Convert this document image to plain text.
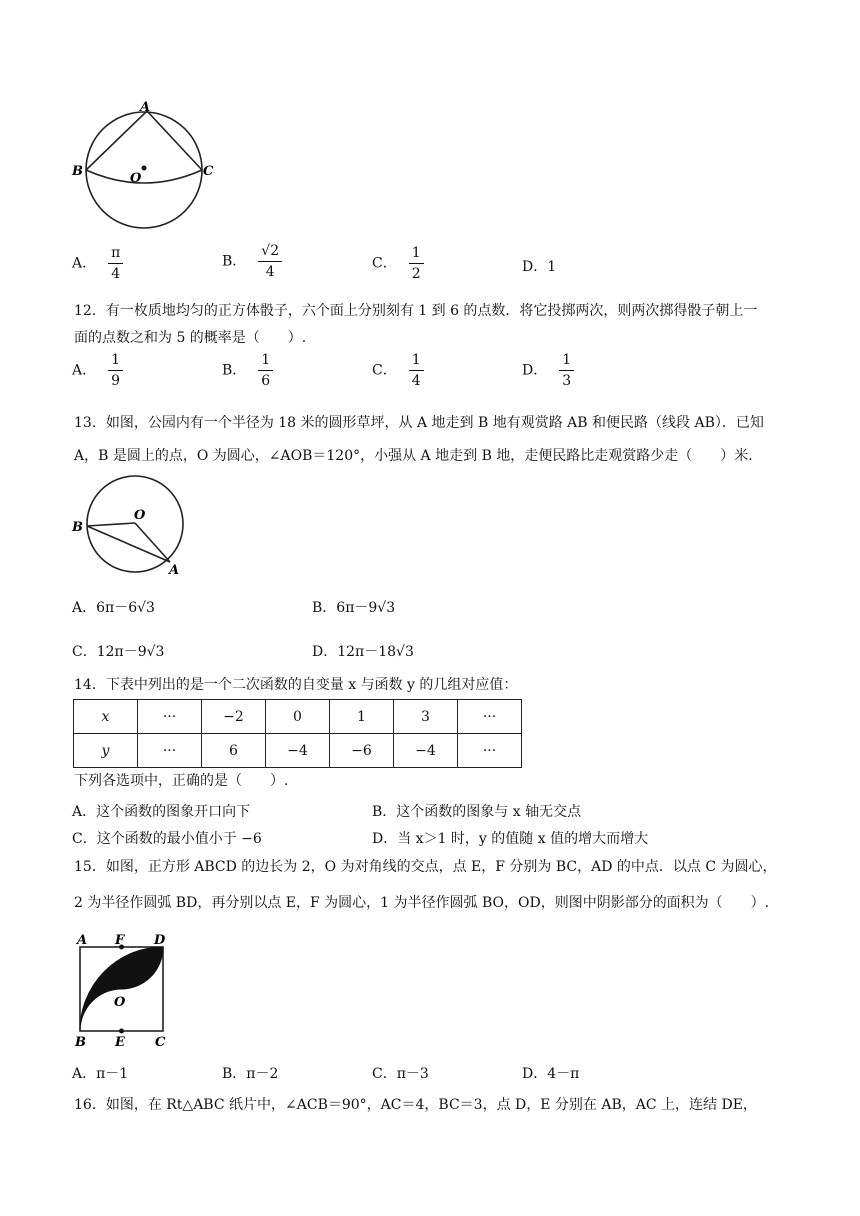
A
B	C
O
A． $\frac{\pi}{4}$	B． $\frac{√2}{4}$	C． $\frac{1}{2}$	D．1
12．有一枚质地均匀的正方体骰子，六个面上分别刻有 1 到 6 的点数．将它投掷两次，则两次掷得骰子朝上一
面的点数之和为 5 的概率是（　　）.
A． $\frac{1}{9}$	B． $\frac{1}{6}$	C． $\frac{1}{4}$	D． $\frac{1}{3}$
13．如图，公园内有一个半径为 18 米的圆形草坪，从 A 地走到 B 地有观赏路 AB 和便民路（线段 AB）．已知
A，B 是圆上的点，O 为圆心，∠AOB＝120°，小强从 A 地走到 B 地，走便民路比走观赏路少走（　　）米．
B
O
A
A．6π－6√3	B．6π－9√3
C．12π－9√3	D．12π－18√3
14．下表中列出的是一个二次函数的自变量 x 与函数 y 的几组对应值：
x	···	−2	0	1	3	···
y	···	6	−4	−6	−4	···
下列各选项中，正确的是（　　）.
A．这个函数的图象开口向下	B．这个函数的图象与 x 轴无交点
C．这个函数的最小值小于 −6	D．当 x＞1 时，y 的值随 x 值的增大而增大
15．如图，正方形 ABCD 的边长为 2，O 为对角线的交点，点 E，F 分别为 BC，AD 的中点．以点 C 为圆心，
2 为半径作圆弧 BD，再分别以点 E，F 为圆心，1 为半径作圆弧 BO，OD，则图中阴影部分的面积为（　　）.
A F D
O
B E C
A．π－1	B．π－2	C．π－3	D．4－π
16．如图，在 Rt△ABC 纸片中，∠ACB＝90°，AC＝4，BC＝3，点 D，E 分别在 AB，AC 上，连结 DE，
